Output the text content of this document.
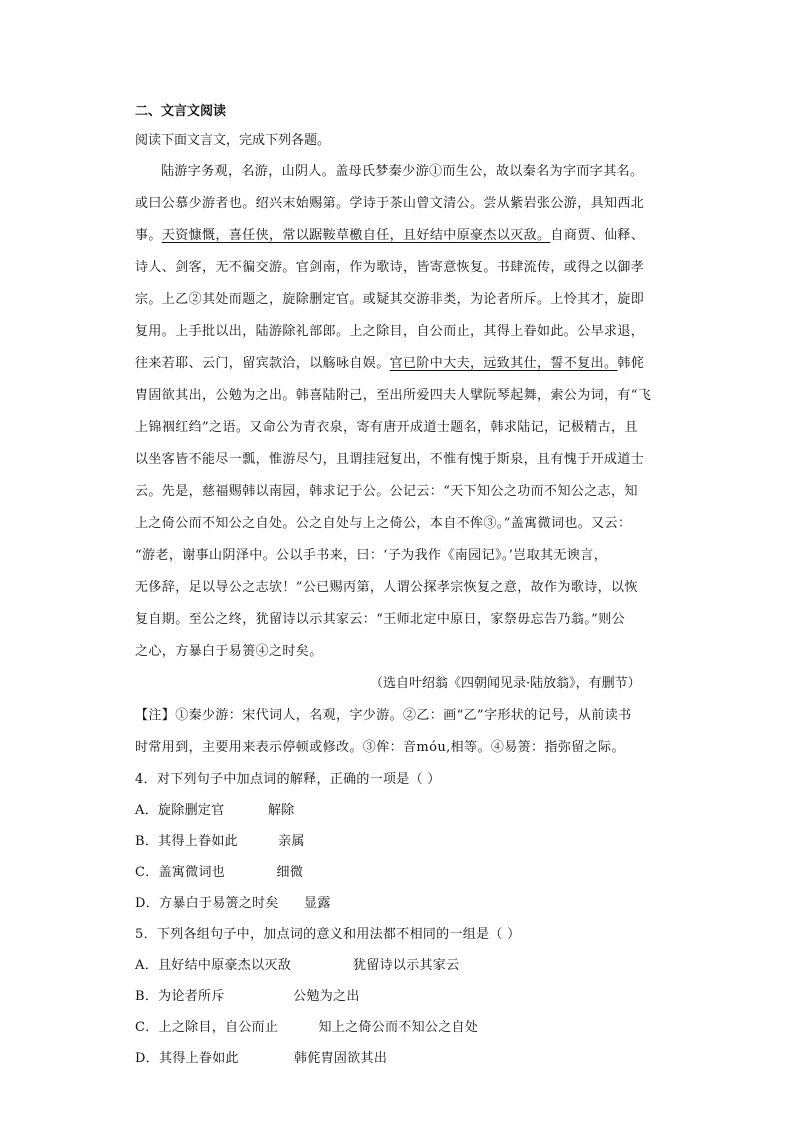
二、文言文阅读
阅读下面文言文，完成下列各题。
陆游字务观，名游，山阴人。盖母氏梦秦少游①而生公，故以秦名为字而字其名。
或曰公慕少游者也。绍兴末始赐第。学诗于茶山曾文清公。尝从紫岩张公游，具知西北
事。天资慷慨，喜任侠，常以踞鞍草檄自任，且好结中原豪杰以灭敌。自商贾、仙释、
诗人、剑客，无不徧交游。官剑南，作为歌诗，皆寄意恢复。书肆流传，或得之以御孝
宗。上乙②其处而题之，旋除删定官。或疑其交游非类，为论者所斥。上怜其才，旋即
复用。上手批以出，陆游除礼部郎。上之除目，自公而止，其得上眷如此。公早求退，
往来若耶、云门，留宾款洽，以觞咏自娱。官已阶中大夫，远致其仕，誓不复出。韩侂
胄固欲其出，公勉为之出。韩喜陆附己，至出所爱四夫人擘阮琴起舞，索公为词，有“飞
上锦裀红绉”之语。又命公为青衣泉，寄有唐开成道士题名，韩求陆记，记极精古，且
以坐客皆不能尽一瓢，惟游尽勺，且谓挂冠复出，不惟有愧于斯泉，且有愧于开成道士
云。先是，慈福赐韩以南园，韩求记于公。公记云：“天下知公之功而不知公之志，知
上之倚公而不知公之自处。公之自处与上之倚公，本自不侔③。”盖寓微词也。又云：
“游老，谢事山阴泽中。公以手书来，曰：‘子为我作《南园记》。’岂取其无谀言，
无侈辞，足以导公之志欤！”公已赐丙第，人谓公探孝宗恢复之意，故作为歌诗，以恢
复自期。至公之终，犹留诗以示其家云：“王师北定中原日，家祭毋忘告乃翁。”则公
之心，方暴白于易箦④之时矣。
（选自叶绍翁《四朝闻见录·陆放翁》，有删节）
【注】①秦少游：宋代词人，名观，字少游。②乙：画“乙”字形状的记号，从前读书
时常用到，主要用来表示停顿或修改。③侔：音móu,相等。④易箦：指弥留之际。
4．对下列句子中加点词的解释，正确的一项是（ ）
A．旋除删定官	解除
B．其得上眷如此	亲属
C．盖寓微词也	细微
D．方暴白于易箦之时矣 显露
5．下列各组句子中，加点词的意义和用法都不相同的一组是（ ）
A．且好结中原豪杰以灭敌	犹留诗以示其家云
B．为论者所斥	公勉为之出
C．上之除目，自公而止	知上之倚公而不知公之自处
D．其得上眷如此	韩侂胄固欲其出
